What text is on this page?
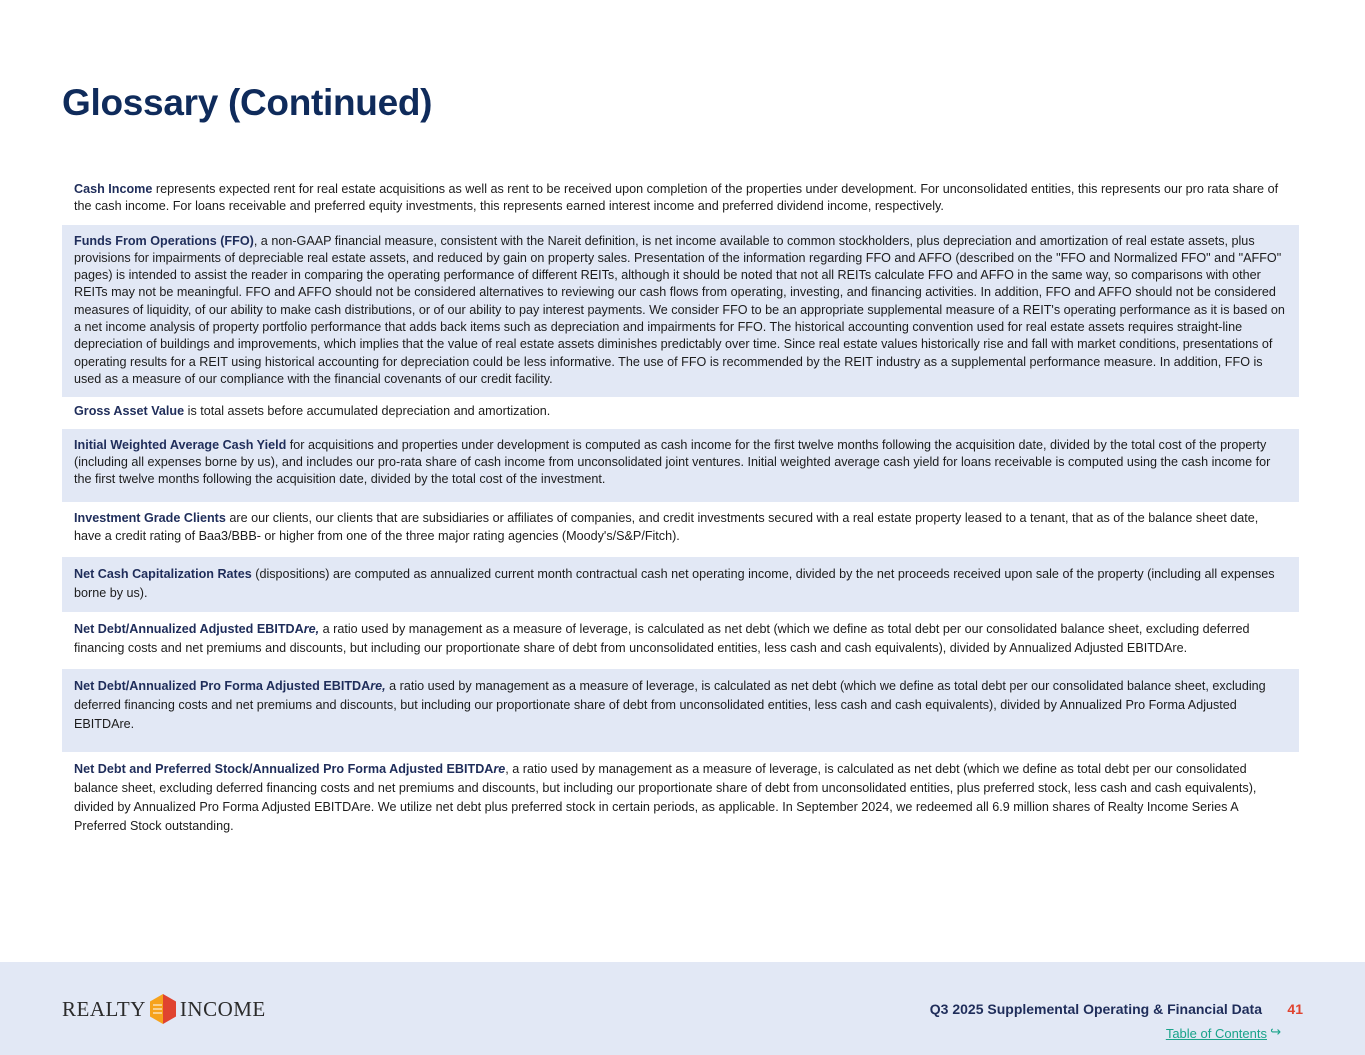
Glossary (Continued)
Cash Income represents expected rent for real estate acquisitions as well as rent to be received upon completion of the properties under development. For unconsolidated entities, this represents our pro rata share of the cash income. For loans receivable and preferred equity investments, this represents earned interest income and preferred dividend income, respectively.
Funds From Operations (FFO), a non-GAAP financial measure, consistent with the Nareit definition, is net income available to common stockholders, plus depreciation and amortization of real estate assets, plus provisions for impairments of depreciable real estate assets, and reduced by gain on property sales. Presentation of the information regarding FFO and AFFO (described on the "FFO and Normalized FFO" and "AFFO" pages) is intended to assist the reader in comparing the operating performance of different REITs, although it should be noted that not all REITs calculate FFO and AFFO in the same way, so comparisons with other REITs may not be meaningful. FFO and AFFO should not be considered alternatives to reviewing our cash flows from operating, investing, and financing activities. In addition, FFO and AFFO should not be considered measures of liquidity, of our ability to make cash distributions, or of our ability to pay interest payments. We consider FFO to be an appropriate supplemental measure of a REIT's operating performance as it is based on a net income analysis of property portfolio performance that adds back items such as depreciation and impairments for FFO. The historical accounting convention used for real estate assets requires straight-line depreciation of buildings and improvements, which implies that the value of real estate assets diminishes predictably over time. Since real estate values historically rise and fall with market conditions, presentations of operating results for a REIT using historical accounting for depreciation could be less informative. The use of FFO is recommended by the REIT industry as a supplemental performance measure. In addition, FFO is used as a measure of our compliance with the financial covenants of our credit facility.
Gross Asset Value is total assets before accumulated depreciation and amortization.
Initial Weighted Average Cash Yield for acquisitions and properties under development is computed as cash income for the first twelve months following the acquisition date, divided by the total cost of the property (including all expenses borne by us), and includes our pro-rata share of cash income from unconsolidated joint ventures. Initial weighted average cash yield for loans receivable is computed using the cash income for the first twelve months following the acquisition date, divided by the total cost of the investment.
Investment Grade Clients are our clients, our clients that are subsidiaries or affiliates of companies, and credit investments secured with a real estate property leased to a tenant, that as of the balance sheet date, have a credit rating of Baa3/BBB- or higher from one of the three major rating agencies (Moody's/S&P/Fitch).
Net Cash Capitalization Rates (dispositions) are computed as annualized current month contractual cash net operating income, divided by the net proceeds received upon sale of the property (including all expenses borne by us).
Net Debt/Annualized Adjusted EBITDAre, a ratio used by management as a measure of leverage, is calculated as net debt (which we define as total debt per our consolidated balance sheet, excluding deferred financing costs and net premiums and discounts, but including our proportionate share of debt from unconsolidated entities, less cash and cash equivalents), divided by Annualized Adjusted EBITDAre.
Net Debt/Annualized Pro Forma Adjusted EBITDAre, a ratio used by management as a measure of leverage, is calculated as net debt (which we define as total debt per our consolidated balance sheet, excluding deferred financing costs and net premiums and discounts, but including our proportionate share of debt from unconsolidated entities, less cash and cash equivalents), divided by Annualized Pro Forma Adjusted EBITDAre.
Net Debt and Preferred Stock/Annualized Pro Forma Adjusted EBITDAre, a ratio used by management as a measure of leverage, is calculated as net debt (which we define as total debt per our consolidated balance sheet, excluding deferred financing costs and net premiums and discounts, but including our proportionate share of debt from unconsolidated entities, plus preferred stock, less cash and cash equivalents), divided by Annualized Pro Forma Adjusted EBITDAre. We utilize net debt plus preferred stock in certain periods, as applicable. In September 2024, we redeemed all 6.9 million shares of Realty Income Series A Preferred Stock outstanding.
REALTY INCOME	Q3 2025 Supplemental Operating & Financial Data 41
Table of Contents ↪
